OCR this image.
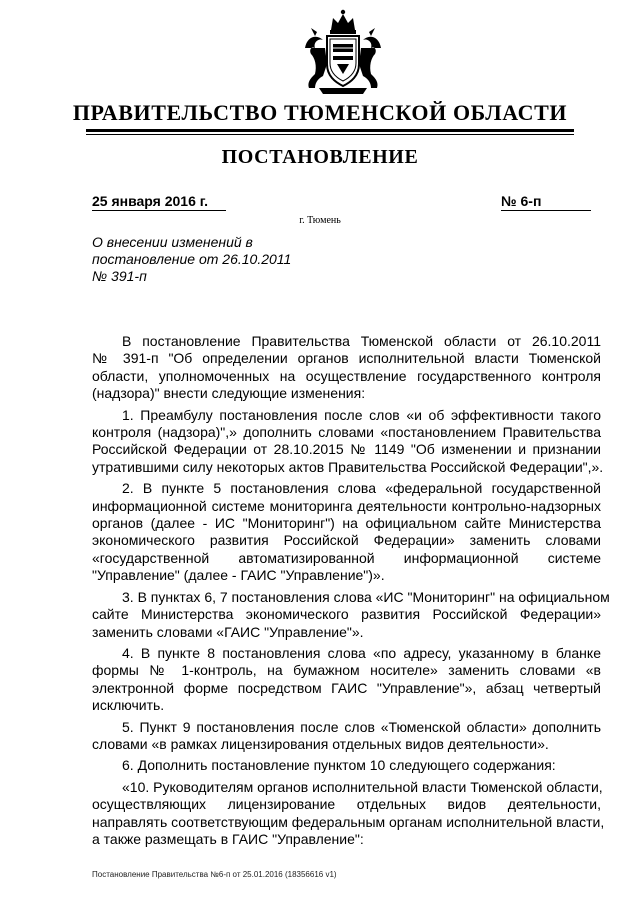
ПРАВИТЕЛЬСТВО ТЮМЕНСКОЙ ОБЛАСТИ
ПОСТАНОВЛЕНИЕ
25 января 2016 г.	№ 6-п
г. Тюмень
О внесении изменений в
постановление от 26.10.2011
№ 391-п
В постановление Правительства Тюменской области от 26.10.2011
№ 391-п "Об определении органов исполнительной власти Тюменской
области, уполномоченных на осуществление государственного контроля
(надзора)" внести следующие изменения:
1. Преамбулу постановления после слов «и об эффективности такого
контроля (надзора)",» дополнить словами «постановлением Правительства
Российской Федерации от 28.10.2015 № 1149 "Об изменении и признании
утратившими силу некоторых актов Правительства Российской Федерации",».
2. В пункте 5 постановления слова «федеральной государственной
информационной системе мониторинга деятельности контрольно-надзорных
органов (далее - ИС "Мониторинг") на официальном сайте Министерства
экономического развития Российской Федерации» заменить словами
«государственной автоматизированной информационной системе
"Управление" (далее - ГАИС "Управление")».
3. В пунктах 6, 7 постановления слова «ИС "Мониторинг" на официальном
сайте Министерства экономического развития Российской Федерации»
заменить словами «ГАИС "Управление"».
4. В пункте 8 постановления слова «по адресу, указанному в бланке
формы № 1-контроль, на бумажном носителе» заменить словами «в
электронной форме посредством ГАИС "Управление"», абзац четвертый
исключить.
5. Пункт 9 постановления после слов «Тюменской области» дополнить
словами «в рамках лицензирования отдельных видов деятельности».
6. Дополнить постановление пунктом 10 следующего содержания:
«10. Руководителям органов исполнительной власти Тюменской области,
осуществляющих лицензирование отдельных видов деятельности,
направлять соответствующим федеральным органам исполнительной власти,
а также размещать в ГАИС "Управление":
Постановление Правительства №6-п от 25.01.2016 (18356616 v1)
